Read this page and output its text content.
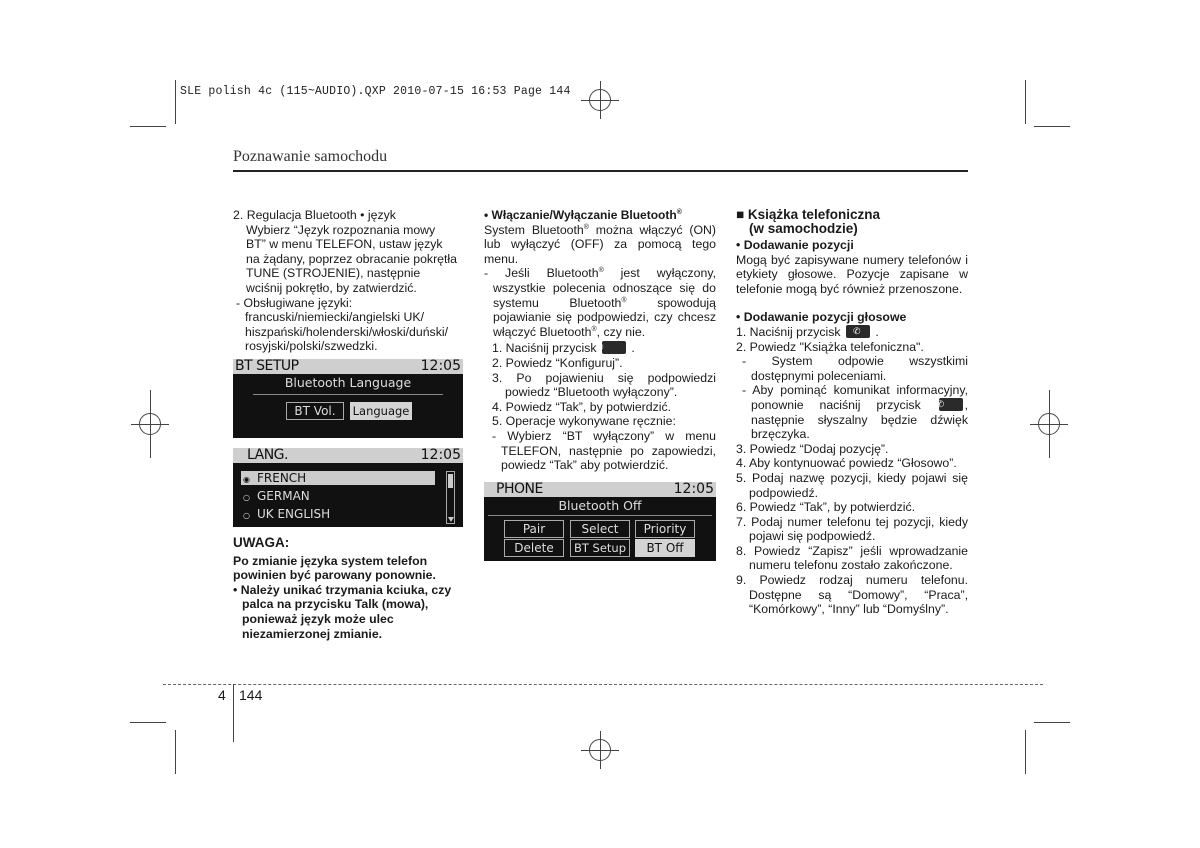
SLE polish 4c (115~AUDIO).QXP 2010-07-15 16:53 Page 144
Poznawanie samochodu
2. Regulacja Bluetooth • język

Wybierz “Język rozpoznania mowy

BT” w menu TELEFON, ustaw język

na żądany, poprzez obracanie pokrętła

TUNE (STROJENIE), następnie

wciśnij pokrętło, by zatwierdzić.

- Obsługiwane języki:

francuski/niemiecki/angielski UK/

hiszpański/holenderski/włoski/duński/

rosyjski/polski/szwedzki.

BT SETUP	12:05
Bluetooth Language
BT Vol.	Language
LANG.	12:05
◉ FRENCH
○ GERMAN
○ UK ENGLISH

UWAGA:

Po zmianie języka system telefon

powinien być parowany ponownie.

• Należy unikać trzymania kciuka, czy

palca na przycisku Talk (mowa),

ponieważ język może ulec

niezamierzonej zmianie.

• Włączanie/Wyłączanie Bluetooth®

System Bluetooth® można włączyć (ON) lub wyłączyć (OFF) za pomocą tego menu.

- Jeśli Bluetooth® jest wyłączony, wszystkie polecenia odnoszące się do systemu Bluetooth® spowodują pojawianie się podpowiedzi, czy chcesz włączyć Bluetooth®, czy nie.

1. Naciśnij przycisk ✆	.

2. Powiedz “Konfiguruj”.

3. Po pojawieniu się podpowiedzi powiedz “Bluetooth wyłączony”.

4. Powiedz “Tak”, by potwierdzić.

5. Operacje wykonywane ręcznie:

- Wybierz “BT wyłączony” w menu TELEFON, następnie po zapowiedzi, powiedz “Tak” aby potwierdzić.

PHONE	12:05
Bluetooth Off
Pair	Select	Priority
Delete	BT Setup	BT Off

■ Książka telefoniczna

(w samochodzie)

• Dodawanie pozycji

Mogą być zapisywane numery telefonów i etykiety głosowe. Pozycje zapisane w telefonie mogą być również przenoszone.

• Dodawanie pozycji głosowe

1. Naciśnij przycisk ✆	.

2. Powiedz "Książka telefoniczna".

- System odpowie wszystkimi dostępnymi poleceniami.

- Aby pominąć komunikat informacyjny, ponownie naciśnij przycisk ✆	, następnie słyszalny będzie dźwięk brzęczyka.

3. Powiedz “Dodaj pozycję”.

4. Aby kontynuować powiedz “Głosowo”.

5. Podaj nazwę pozycji, kiedy pojawi się podpowiedź.

6. Powiedz “Tak”, by potwierdzić.

7. Podaj numer telefonu tej pozycji, kiedy pojawi się podpowiedź.

8. Powiedz “Zapisz” jeśli wprowadzanie numeru telefonu zostało zakończone.

9. Powiedz rodzaj numeru telefonu. Dostępne są “Domowy”, “Praca”, “Komórkowy”, “Inny” lub “Domyślny”.

4 144
